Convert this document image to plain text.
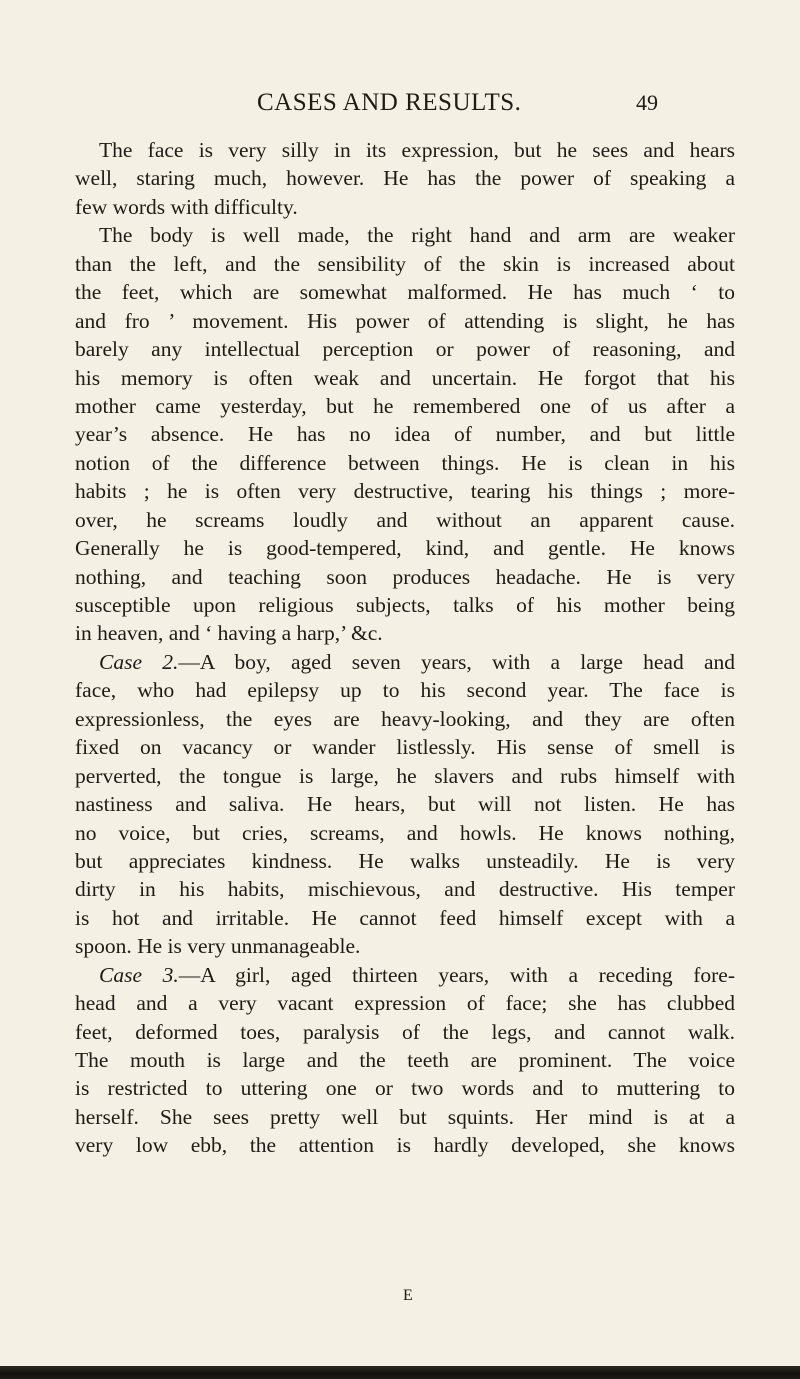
CASES AND RESULTS.	49
The face is very silly in its expression, but he sees and hears
well, staring much, however. He has the power of speaking a
few words with difficulty.
The body is well made, the right hand and arm are weaker
than the left, and the sensibility of the skin is increased about
the feet, which are somewhat malformed. He has much ‘ to
and fro ’ movement. His power of attending is slight, he has
barely any intellectual perception or power of reasoning, and
his memory is often weak and uncertain. He forgot that his
mother came yesterday, but he remembered one of us after a
year’s absence. He has no idea of number, and but little
notion of the difference between things. He is clean in his
habits ; he is often very destructive, tearing his things ; more-
over, he screams loudly and without an apparent cause.
Generally he is good-tempered, kind, and gentle. He knows
nothing, and teaching soon produces headache. He is very
susceptible upon religious subjects, talks of his mother being
in heaven, and ‘ having a harp,’ &c.
Case 2.—A boy, aged seven years, with a large head and
face, who had epilepsy up to his second year. The face is
expressionless, the eyes are heavy-looking, and they are often
fixed on vacancy or wander listlessly. His sense of smell is
perverted, the tongue is large, he slavers and rubs himself with
nastiness and saliva. He hears, but will not listen. He has
no voice, but cries, screams, and howls. He knows nothing,
but appreciates kindness. He walks unsteadily. He is very
dirty in his habits, mischievous, and destructive. His temper
is hot and irritable. He cannot feed himself except with a
spoon. He is very unmanageable.
Case 3.—A girl, aged thirteen years, with a receding fore-
head and a very vacant expression of face; she has clubbed
feet, deformed toes, paralysis of the legs, and cannot walk.
The mouth is large and the teeth are prominent. The voice
is restricted to uttering one or two words and to muttering to
herself. She sees pretty well but squints. Her mind is at a
very low ebb, the attention is hardly developed, she knows
E
